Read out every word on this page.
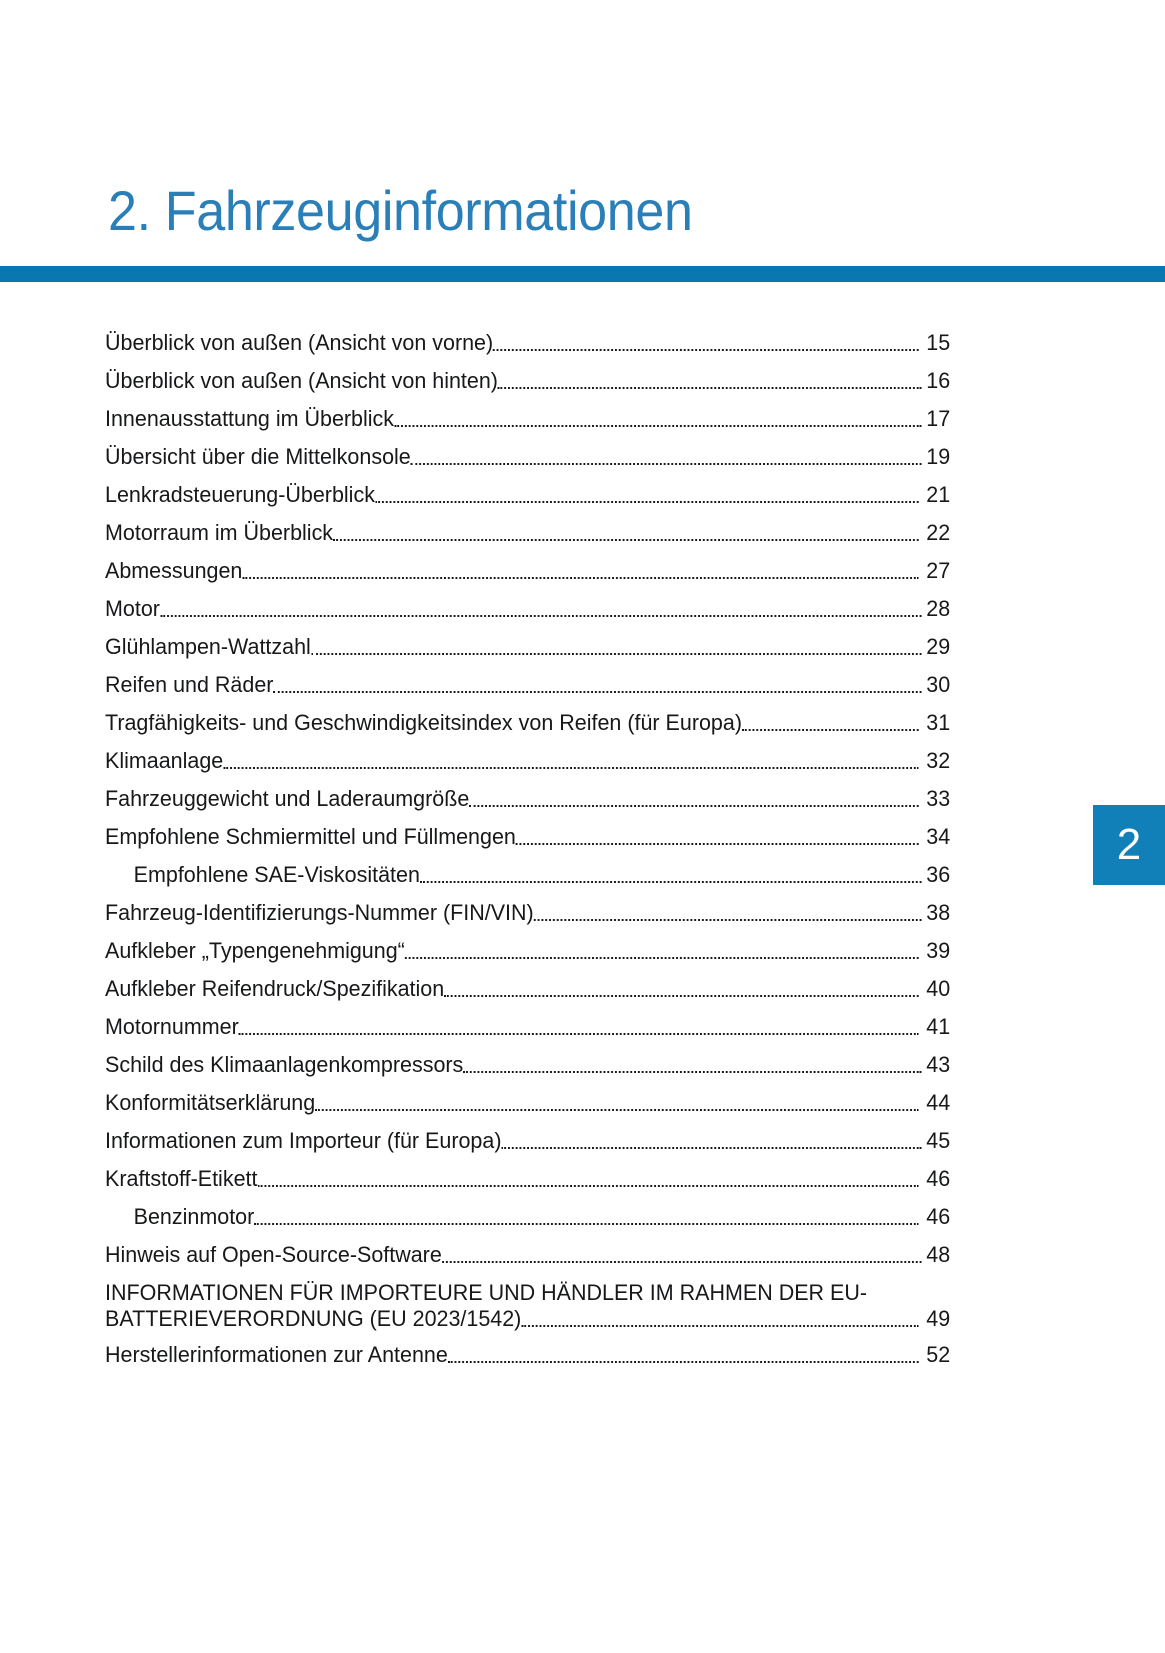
2. Fahrzeuginformationen
Überblick von außen (Ansicht von vorne)	15
Überblick von außen (Ansicht von hinten)	16
Innenausstattung im Überblick	17
Übersicht über die Mittelkonsole	19
Lenkradsteuerung-Überblick	21
Motorraum im Überblick	22
Abmessungen	27
Motor	28
Glühlampen-Wattzahl	29
Reifen und Räder	30
Tragfähigkeits- und Geschwindigkeitsindex von Reifen (für Europa)	31
Klimaanlage	32
Fahrzeuggewicht und Laderaumgröße	33
Empfohlene Schmiermittel und Füllmengen	34
Empfohlene SAE-Viskositäten	36
Fahrzeug-Identifizierungs-Nummer (FIN/VIN)	38
Aufkleber „Typengenehmigung“	39
Aufkleber Reifendruck/Spezifikation	40
Motornummer	41
Schild des Klimaanlagenkompressors	43
Konformitätserklärung	44
Informationen zum Importeur (für Europa)	45
Kraftstoff-Etikett	46
Benzinmotor	46
Hinweis auf Open-Source-Software	48
INFORMATIONEN FÜR IMPORTEURE UND HÄNDLER IM RAHMEN DER EU-
BATTERIEVERORDNUNG (EU 2023/1542)	49
Herstellerinformationen zur Antenne	52
2
